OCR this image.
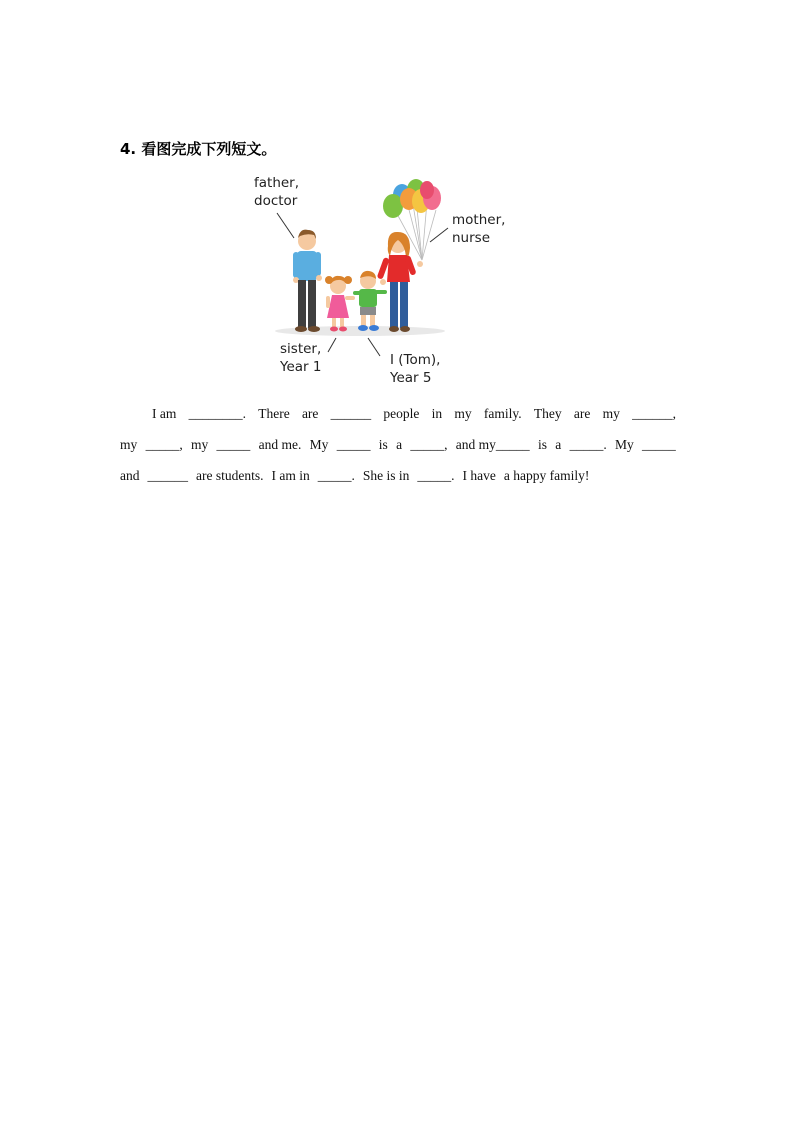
4. 看图完成下列短文。
father,
doctor
mother,
nurse
sister,
Year 1	I (Tom),
Year 5
I am ________. There are ______ people in my family. They are my ______,
my _____, my _____ and me. My _____ is a _____, and my_____ is a _____. My _____
and ______ are students. I am in _____. She is in _____. I have a happy family!
